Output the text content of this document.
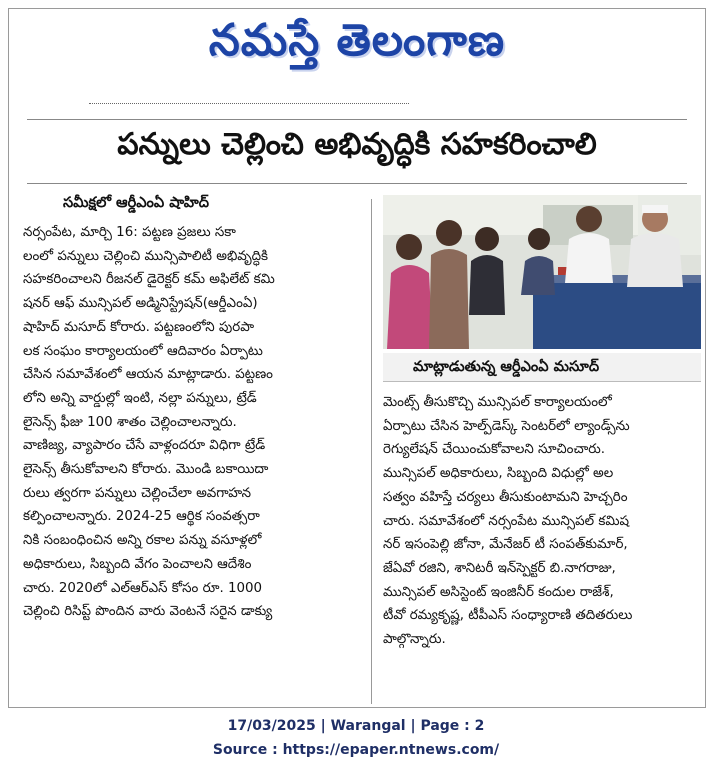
నమస్తే తెలంగాణ
పన్నులు చెల్లించి అభివృద్ధికి సహకరించాలి
సమీక్షలో ఆర్డీఎంఏ షాహిద్
నర్సంపేట, మార్చి 16: పట్టణ ప్రజలు సకా
లంలో పన్నులు చెల్లించి మున్సిపాలిటీ అభివృద్ధికి
సహకరించాలని రీజనల్ డైరెక్టర్ కమ్ అఫిలేట్ కమి
షనర్ ఆఫ్ మున్సిపల్ అడ్మినిస్ట్రేషన్(ఆర్డీఎంఏ)
షాహిద్ మసూద్ కోరారు. పట్టణంలోని పురపా
లక సంఘం కార్యాలయంలో ఆదివారం ఏర్పాటు
చేసిన సమావేశంలో ఆయన మాట్లాడారు. పట్టణం
లోని అన్ని వార్డుల్లో ఇంటి, నల్లా పన్నులు, ట్రేడ్
లైసెన్స్ ఫీజు 100 శాతం చెల్లించాలన్నారు.
వాణిజ్య, వ్యాపారం చేసే వాళ్లందరూ విధిగా ట్రేడ్
లైసెన్స్ తీసుకోవాలని కోరారు. మొండి బకాయిదా
రులు త్వరగా పన్నులు చెల్లించేలా అవగాహన
కల్పించాలన్నారు. 2024-25 ఆర్థిక సంవత్సరా
నికి సంబంధించిన అన్ని రకాల పన్ను వసూళ్లలో
అధికారులు, సిబ్బంది వేగం పెంచాలని ఆదేశిం
చారు. 2020లో ఎల్ఆర్ఎస్ కోసం రూ. 1000
చెల్లించి రిసిప్ట్ పొందిన వారు వెంటనే సరైన డాక్యు
మాట్లాడుతున్న ఆర్డీఎంఏ మసూద్
మెంట్స్ తీసుకొచ్చి మున్సిపల్ కార్యాలయంలో
ఏర్పాటు చేసిన హెల్ప్‌డెస్క్ సెంటర్‌లో ల్యాండ్స్‌ను
రెగ్యులేషన్ చేయించుకోవాలని సూచించారు.
మున్సిపల్ అధికారులు, సిబ్బంది విధుల్లో అల
సత్వం వహిస్తే చర్యలు తీసుకుంటామని హెచ్చరిం
చారు. సమావేశంలో నర్సంపేట మున్సిపల్ కమిష
నర్ ఇసంపెల్లి జోనా, మేనేజర్ టీ సంపత్‌కుమార్,
జేఏవో రజిని, శానిటరీ ఇన్‌స్పెక్టర్ బి.నాగరాజు,
మున్సిపల్ అసిస్టెంట్ ఇంజినీర్ కందుల రాజేశ్,
టీవో రమ్యకృష్ణ, టీపీఎస్ సంధ్యారాణి తదితరులు
పాల్గొన్నారు.
17/03/2025 | Warangal | Page : 2
Source : https://epaper.ntnews.com/
